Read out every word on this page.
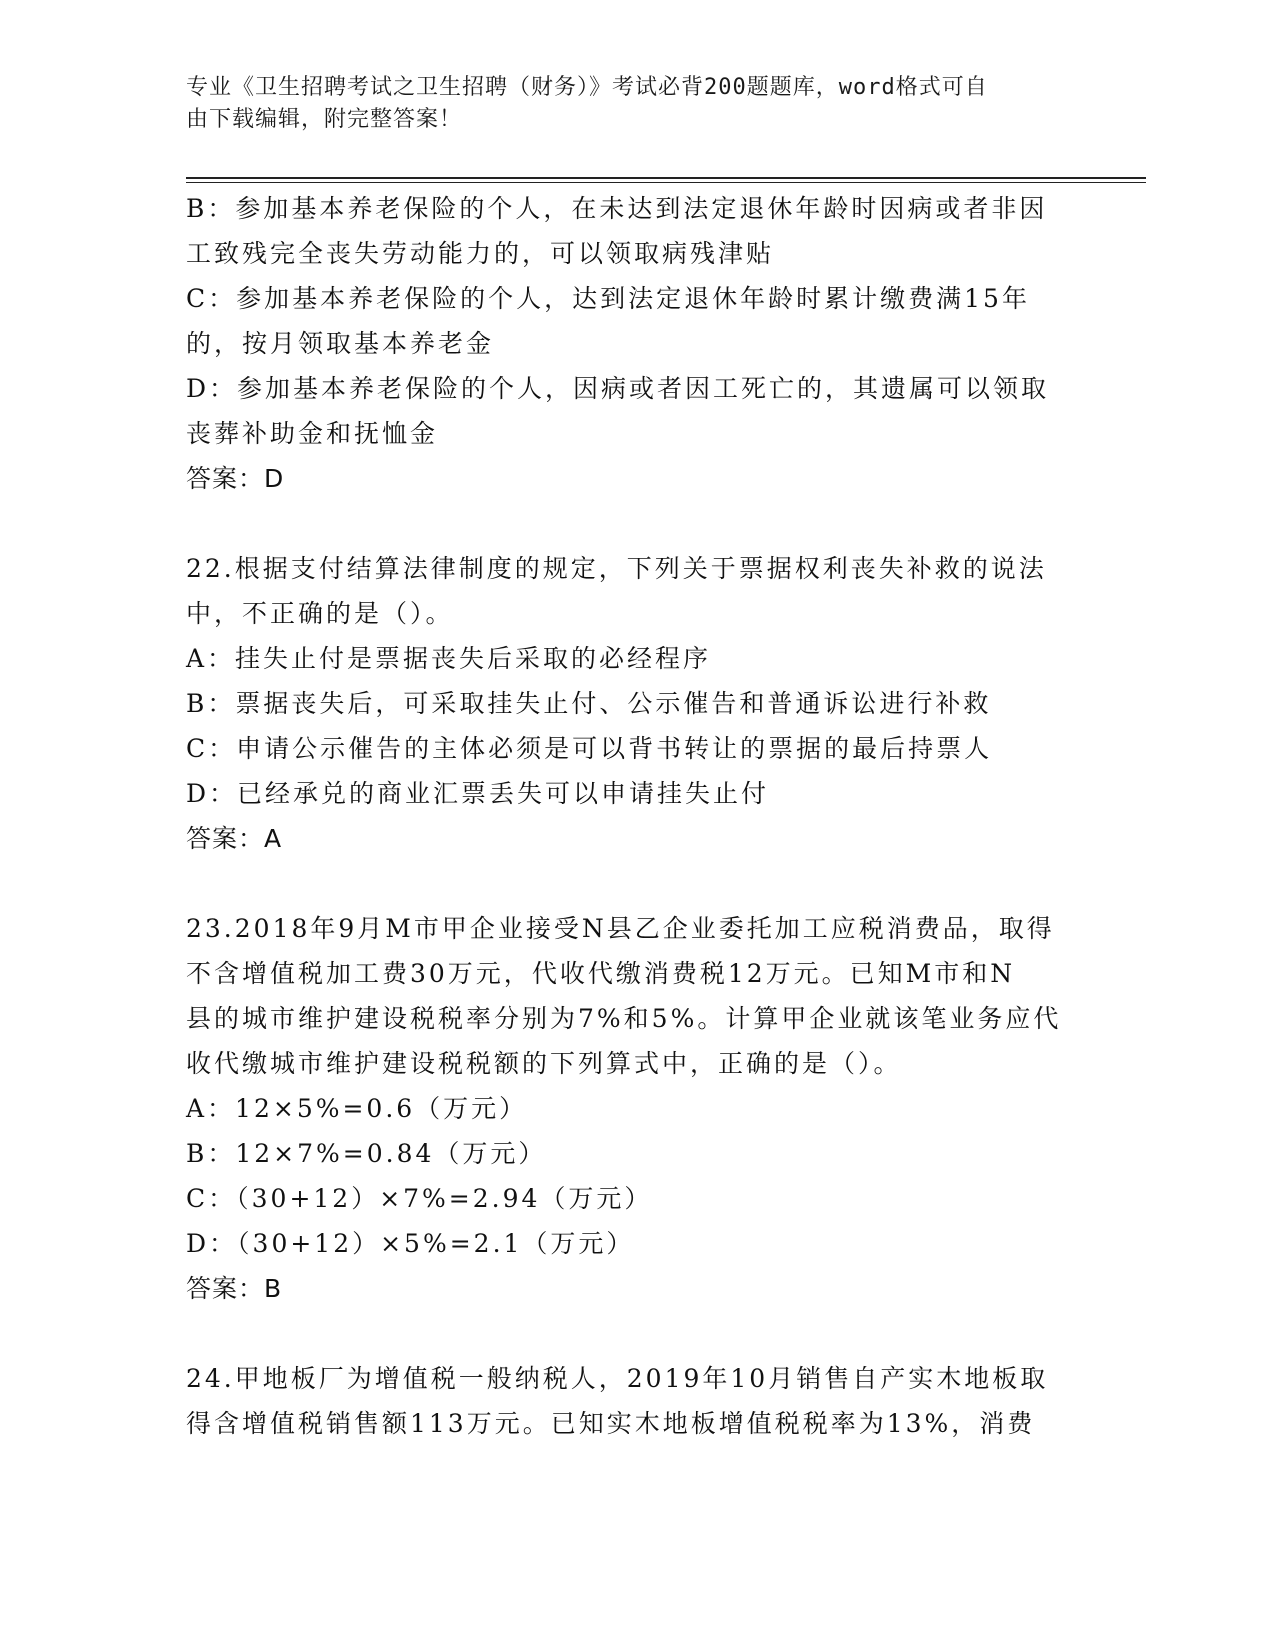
专业《卫生招聘考试之卫生招聘（财务）》考试必背200题题库，word格式可自
由下载编辑，附完整答案！
B：参加基本养老保险的个人，在未达到法定退休年龄时因病或者非因
工致残完全丧失劳动能力的，可以领取病残津贴
C：参加基本养老保险的个人，达到法定退休年龄时累计缴费满15年
的，按月领取基本养老金
D：参加基本养老保险的个人，因病或者因工死亡的，其遗属可以领取
丧葬补助金和抚恤金
答案：D
22.根据支付结算法律制度的规定，下列关于票据权利丧失补救的说法
中，不正确的是（）。
A：挂失止付是票据丧失后采取的必经程序
B：票据丧失后，可采取挂失止付、公示催告和普通诉讼进行补救
C：申请公示催告的主体必须是可以背书转让的票据的最后持票人
D：已经承兑的商业汇票丢失可以申请挂失止付
答案：A
23.2018年9月M市甲企业接受N县乙企业委托加工应税消费品，取得
不含增值税加工费30万元，代收代缴消费税12万元。已知M市和N
县的城市维护建设税税率分别为7%和5%。计算甲企业就该笔业务应代
收代缴城市维护建设税税额的下列算式中，正确的是（）。
A：12×5%=0.6（万元）
B：12×7%=0.84（万元）
C：（30+12）×7%=2.94（万元）
D：（30+12）×5%=2.1（万元）
答案：B
24.甲地板厂为增值税一般纳税人，2019年10月销售自产实木地板取
得含增值税销售额113万元。已知实木地板增值税税率为13%，消费
